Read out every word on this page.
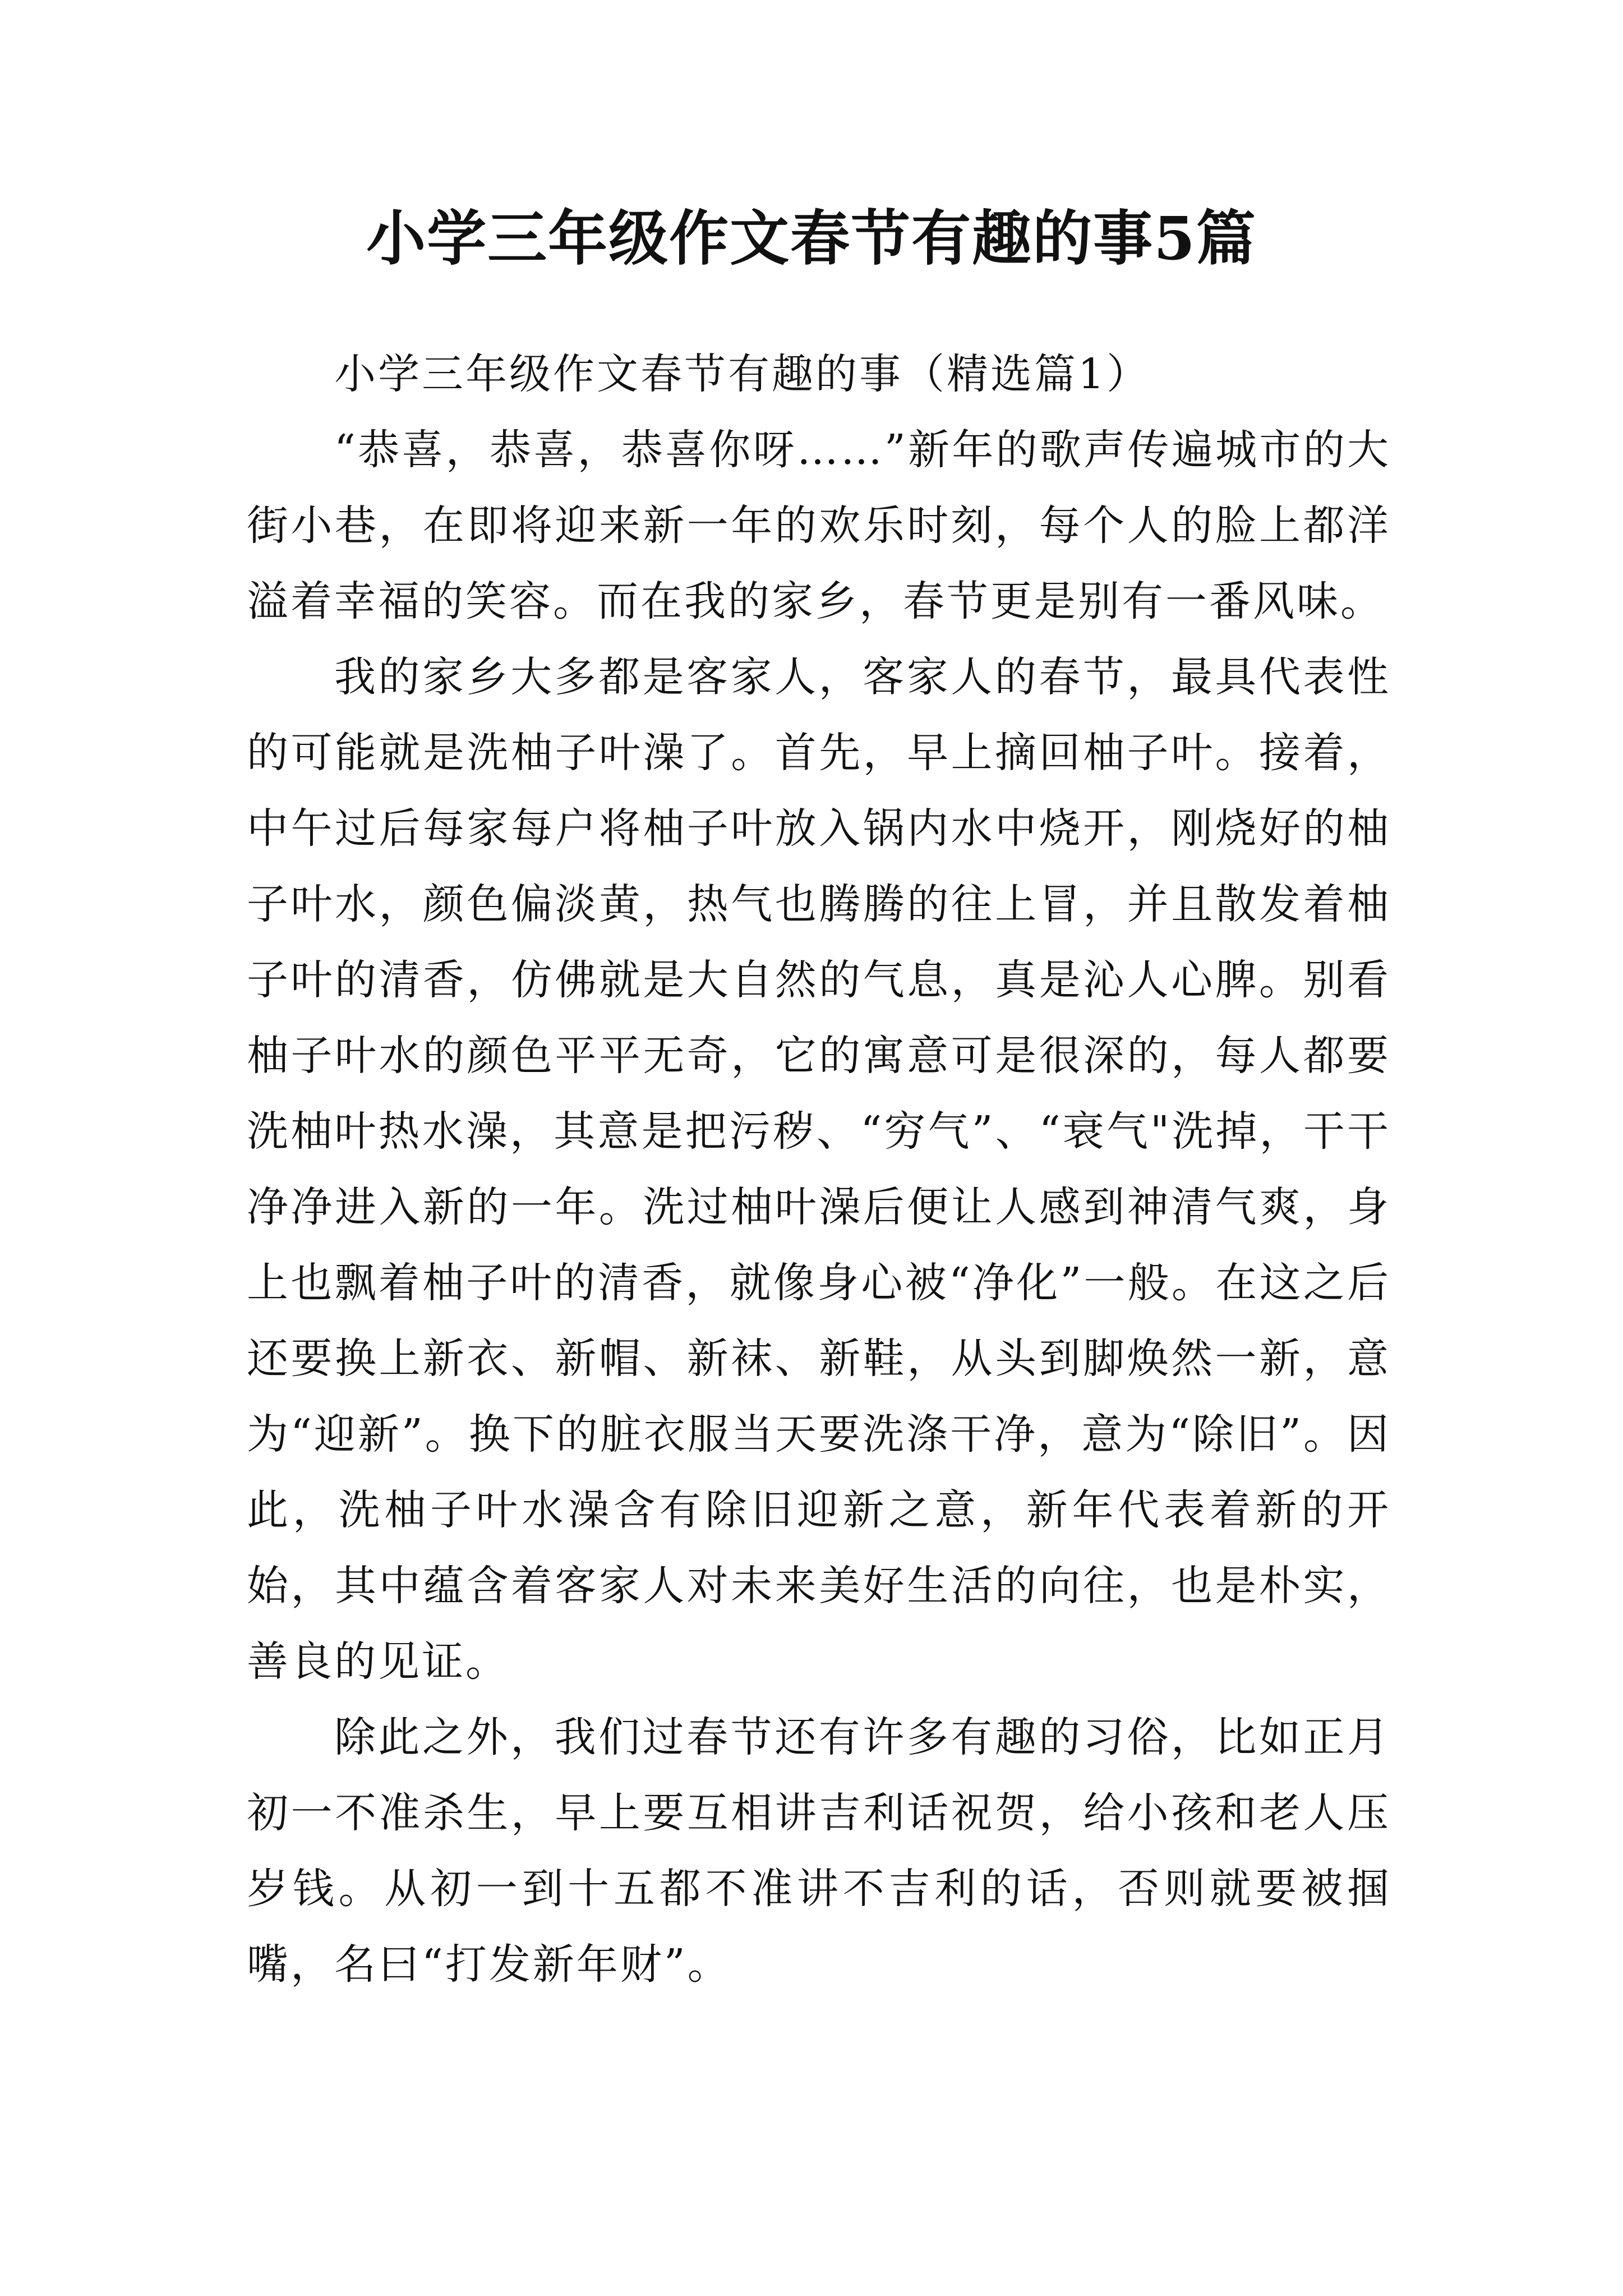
小学三年级作文春节有趣的事5篇

小学三年级作文春节有趣的事（精选篇1）

“恭喜，恭喜，恭喜你呀……”新年的歌声传遍城市的大街小巷，在即将迎来新一年的欢乐时刻，每个人的脸上都洋溢着幸福的笑容。而在我的家乡，春节更是别有一番风味。

我的家乡大多都是客家人，客家人的春节，最具代表性的可能就是洗柚子叶澡了。首先，早上摘回柚子叶。接着，中午过后每家每户将柚子叶放入锅内水中烧开，刚烧好的柚子叶水，颜色偏淡黄，热气也腾腾的往上冒，并且散发着柚子叶的清香，仿佛就是大自然的气息，真是沁人心脾。别看柚子叶水的颜色平平无奇，它的寓意可是很深的，每人都要洗柚叶热水澡，其意是把污秽、“穷气”、“衰气"洗掉，干干净净进入新的一年。洗过柚叶澡后便让人感到神清气爽，身上也飘着柚子叶的清香，就像身心被“净化”一般。在这之后还要换上新衣、新帽、新袜、新鞋，从头到脚焕然一新，意为“迎新”。换下的脏衣服当天要洗涤干净，意为“除旧”。因此，洗柚子叶水澡含有除旧迎新之意，新年代表着新的开始，其中蕴含着客家人对未来美好生活的向往，也是朴实，善良的见证。

除此之外，我们过春节还有许多有趣的习俗，比如正月初一不准杀生，早上要互相讲吉利话祝贺，给小孩和老人压岁钱。从初一到十五都不准讲不吉利的话，否则就要被掴嘴，名曰“打发新年财”。
